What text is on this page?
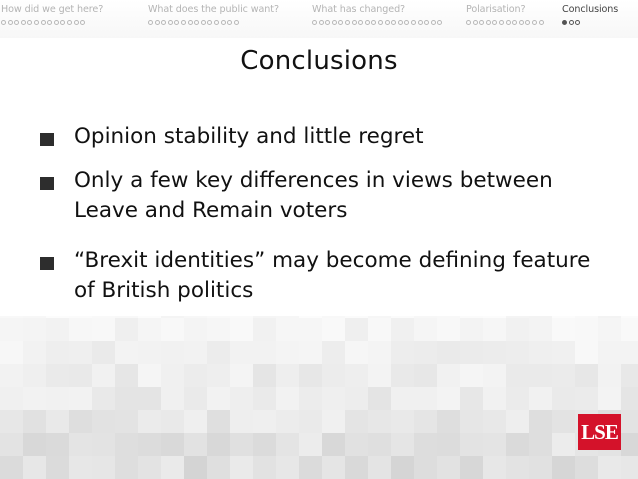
How did we get here?	What does the public want?	What has changed?	Polarisation?	Conclusions
Conclusions
Opinion stability and little regret
Only a few key differences in views between Leave and Remain voters
“Brexit identities” may become defining feature of British politics
LSE
